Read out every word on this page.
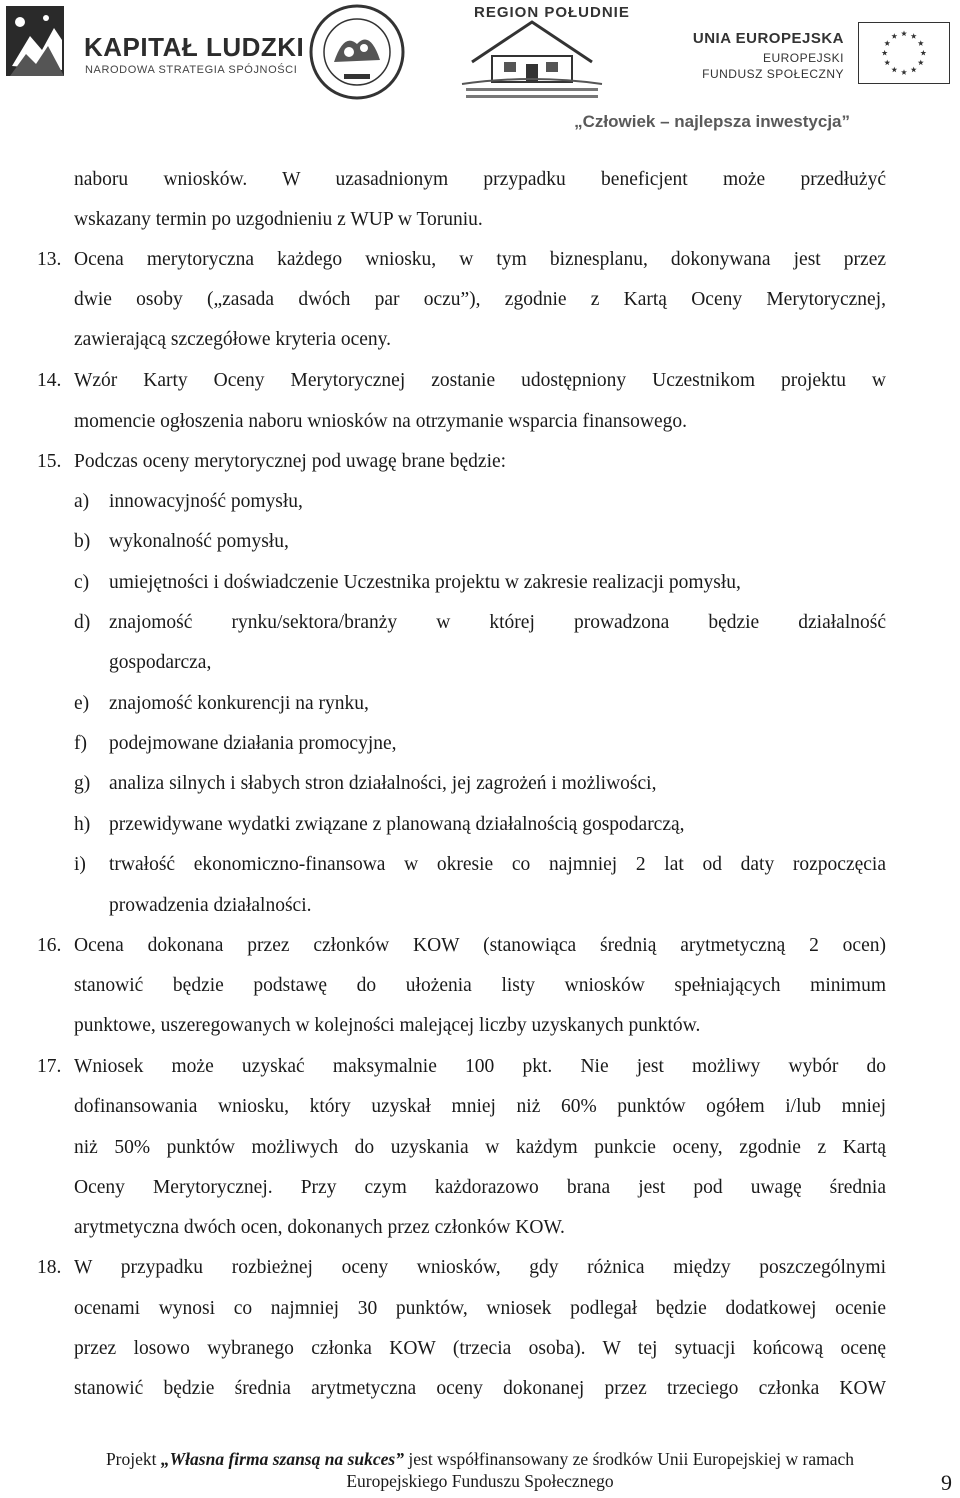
KAPITAŁ LUDZKI
NARODOWA STRATEGIA SPÓJNOŚCI
REGION POŁUDNIE
UNIA EUROPEJSKA
EUROPEJSKI
FUNDUSZ SPOŁECZNY
„Człowiek – najlepsza inwestycja”
naboru wniosków. W uzasadnionym przypadku beneficjent może przedłużyć
wskazany termin po uzgodnieniu z WUP w Toruniu.
13. Ocena merytoryczna każdego wniosku, w tym biznesplanu, dokonywana jest przez
dwie osoby („zasada dwóch par oczu”), zgodnie z Kartą Oceny Merytorycznej,
zawierającą szczegółowe kryteria oceny.
14. Wzór Karty Oceny Merytorycznej zostanie udostępniony Uczestnikom projektu w
momencie ogłoszenia naboru wniosków na otrzymanie wsparcia finansowego.
15. Podczas oceny merytorycznej pod uwagę brane będzie:
a) innowacyjność pomysłu,
b) wykonalność pomysłu,
c) umiejętności i doświadczenie Uczestnika projektu w zakresie realizacji pomysłu,
d) znajomość rynku/sektora/branży w której prowadzona będzie działalność
gospodarcza,
e) znajomość konkurencji na rynku,
f) podejmowane działania promocyjne,
g) analiza silnych i słabych stron działalności, jej zagrożeń i możliwości,
h) przewidywane wydatki związane z planowaną działalnością gospodarczą,
i) trwałość ekonomiczno-finansowa w okresie co najmniej 2 lat od daty rozpoczęcia
prowadzenia działalności.
16. Ocena dokonana przez członków KOW (stanowiąca średnią arytmetyczną 2 ocen)
stanowić będzie podstawę do ułożenia listy wniosków spełniających minimum
punktowe, uszeregowanych w kolejności malejącej liczby uzyskanych punktów.
17. Wniosek może uzyskać maksymalnie 100 pkt. Nie jest możliwy wybór do
dofinansowania wniosku, który uzyskał mniej niż 60% punktów ogółem i/lub mniej
niż 50% punktów możliwych do uzyskania w każdym punkcie oceny, zgodnie z Kartą
Oceny Merytorycznej. Przy czym każdorazowo brana jest pod uwagę średnia
arytmetyczna dwóch ocen, dokonanych przez członków KOW.
18. W przypadku rozbieżnej oceny wniosków, gdy różnica między poszczególnymi
ocenami wynosi co najmniej 30 punktów, wniosek podlegał będzie dodatkowej ocenie
przez losowo wybranego członka KOW (trzecia osoba). W tej sytuacji końcową ocenę
stanowić będzie średnia arytmetyczna oceny dokonanej przez trzeciego członka KOW
Projekt „Własna firma szansą na sukces” jest współfinansowany ze środków Unii Europejskiej w ramach
Europejskiego Funduszu Społecznego	9
